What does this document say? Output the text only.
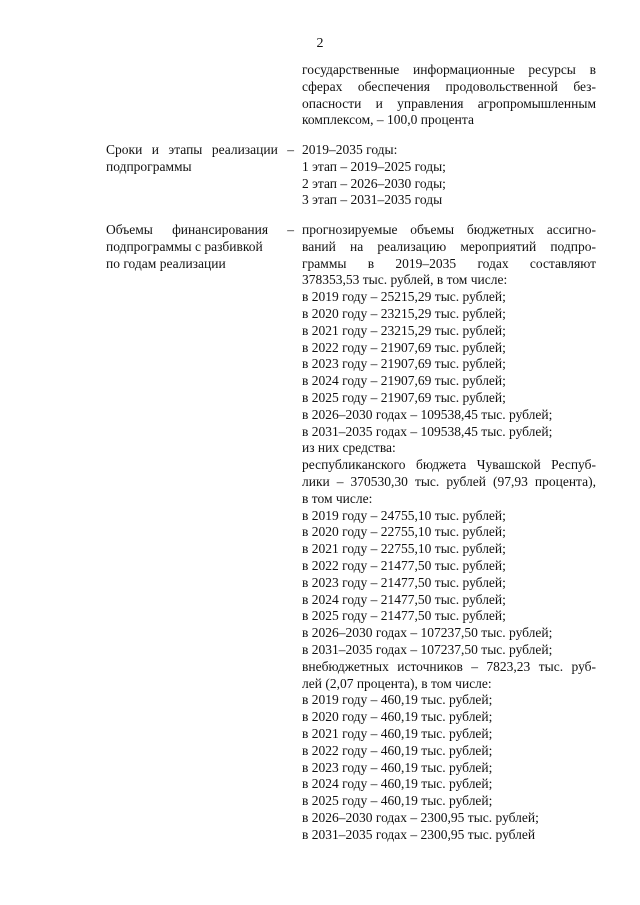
2
государственные информационные ресурсы в
сферах обеспечения продовольственной без-
опасности и управления агропромышленным
комплексом, – 100,0 процента
Сроки и этапы реализации –
подпрограммы
2019–2035 годы:
1 этап – 2019–2025 годы;
2 этап – 2026–2030 годы;
3 этап – 2031–2035 годы
Объемы финансирования –
подпрограммы с разбивкой
по годам реализации
прогнозируемые объемы бюджетных ассигно-
ваний на реализацию мероприятий подпро-
граммы в 2019–2035 годах составляют
378353,53 тыс. рублей, в том числе:
в 2019 году – 25215,29 тыс. рублей;
в 2020 году – 23215,29 тыс. рублей;
в 2021 году – 23215,29 тыс. рублей;
в 2022 году – 21907,69 тыс. рублей;
в 2023 году – 21907,69 тыс. рублей;
в 2024 году – 21907,69 тыс. рублей;
в 2025 году – 21907,69 тыс. рублей;
в 2026–2030 годах – 109538,45 тыс. рублей;
в 2031–2035 годах – 109538,45 тыс. рублей;
из них средства:
республиканского бюджета Чувашской Респуб-
лики – 370530,30 тыс. рублей (97,93 процента),
в том числе:
в 2019 году – 24755,10 тыс. рублей;
в 2020 году – 22755,10 тыс. рублей;
в 2021 году – 22755,10 тыс. рублей;
в 2022 году – 21477,50 тыс. рублей;
в 2023 году – 21477,50 тыс. рублей;
в 2024 году – 21477,50 тыс. рублей;
в 2025 году – 21477,50 тыс. рублей;
в 2026–2030 годах – 107237,50 тыс. рублей;
в 2031–2035 годах – 107237,50 тыс. рублей;
внебюджетных источников – 7823,23 тыс. руб-
лей (2,07 процента), в том числе:
в 2019 году – 460,19 тыс. рублей;
в 2020 году – 460,19 тыс. рублей;
в 2021 году – 460,19 тыс. рублей;
в 2022 году – 460,19 тыс. рублей;
в 2023 году – 460,19 тыс. рублей;
в 2024 году – 460,19 тыс. рублей;
в 2025 году – 460,19 тыс. рублей;
в 2026–2030 годах – 2300,95 тыс. рублей;
в 2031–2035 годах – 2300,95 тыс. рублей
